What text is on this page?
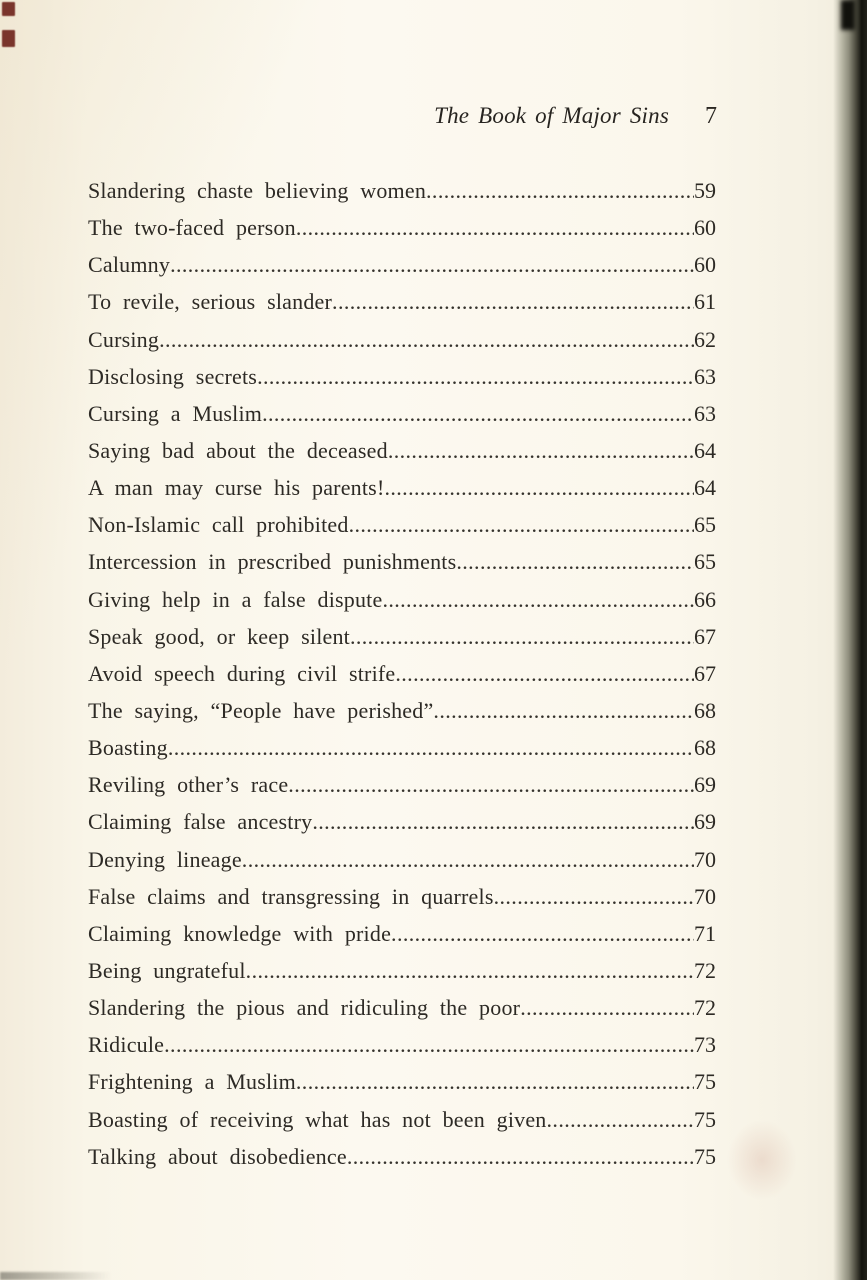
The Book of Major Sins 7
Slandering chaste believing women .....	59
The two-faced person .....	60
Calumny .....	60
To revile, serious slander .....	61
Cursing .....	62
Disclosing secrets .....	63
Cursing a Muslim .....	63
Saying bad about the deceased .....	64
A man may curse his parents! .....	64
Non-Islamic call prohibited .....	65
Intercession in prescribed punishments .....	65
Giving help in a false dispute .....	66
Speak good, or keep silent .....	67
Avoid speech during civil strife .....	67
The saying, “People have perished” .....	68
Boasting .....	68
Reviling other’s race .....	69
Claiming false ancestry .....	69
Denying lineage .....	70
False claims and transgressing in quarrels .....	70
Claiming knowledge with pride .....	71
Being ungrateful .....	72
Slandering the pious and ridiculing the poor .....	72
Ridicule .....	73
Frightening a Muslim .....	75
Boasting of receiving what has not been given .....	75
Talking about disobedience .....	75
